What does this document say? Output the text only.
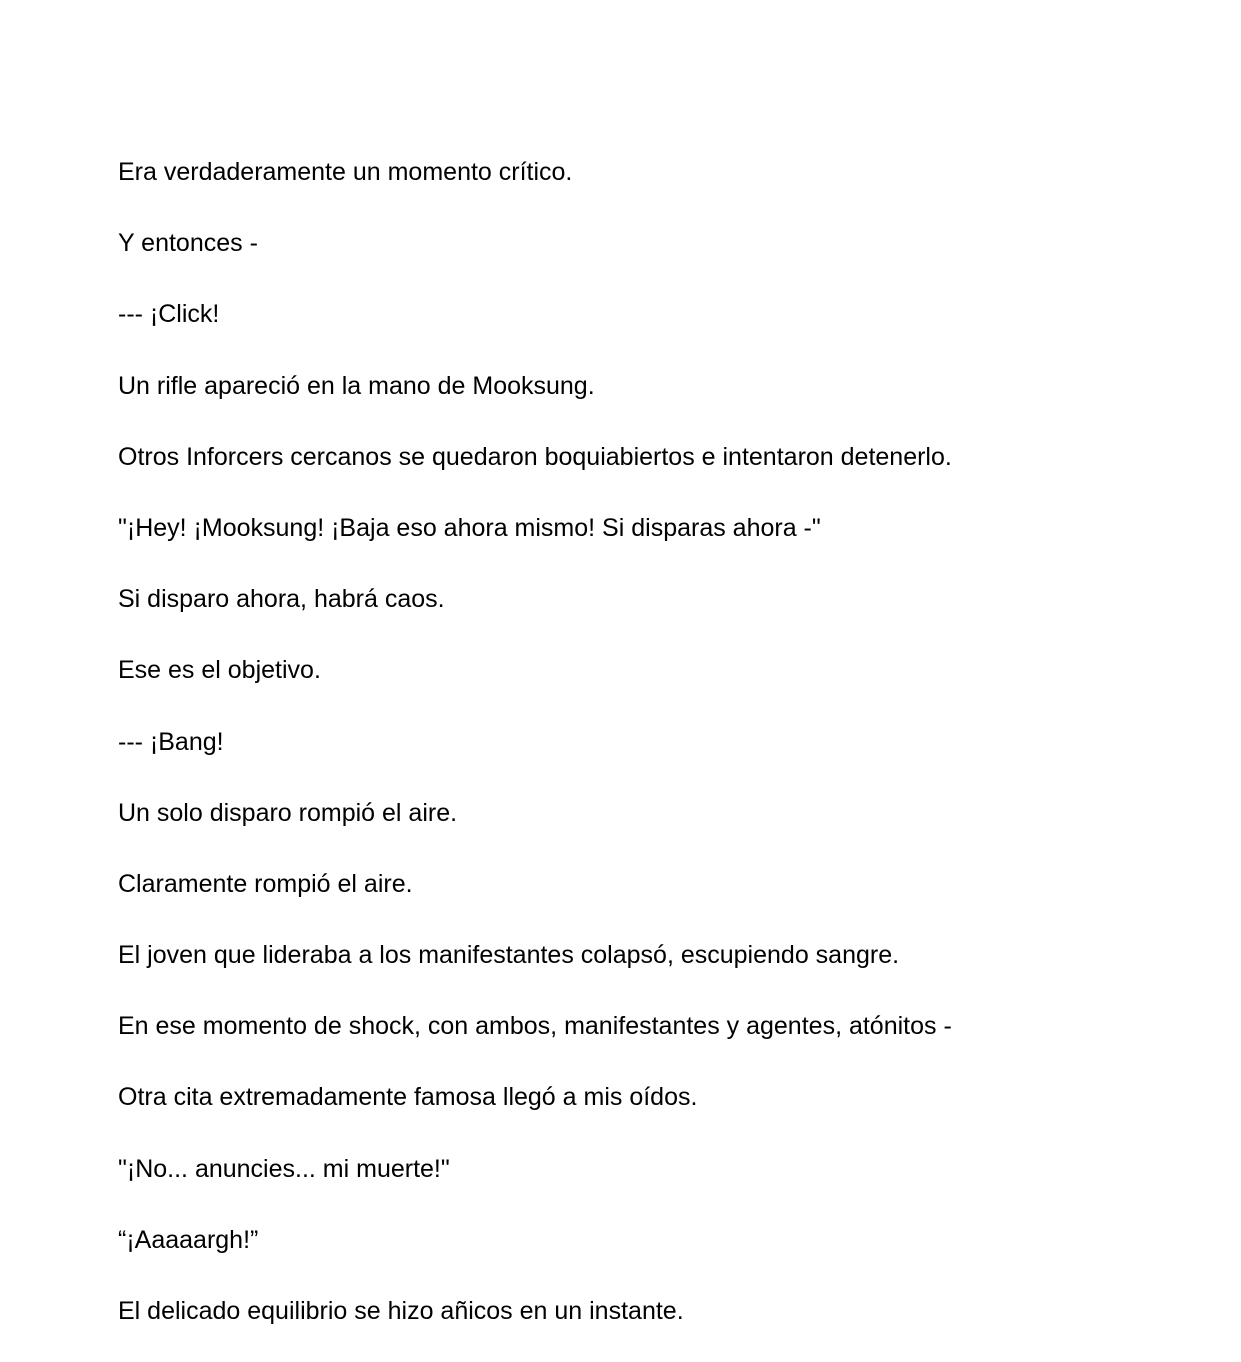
Era verdaderamente un momento crítico.

Y entonces -

--- ¡Click!

Un rifle apareció en la mano de Mooksung.

Otros Inforcers cercanos se quedaron boquiabiertos e intentaron detenerlo.

"¡Hey! ¡Mooksung! ¡Baja eso ahora mismo! Si disparas ahora -"

Si disparo ahora, habrá caos.

Ese es el objetivo.

--- ¡Bang!

Un solo disparo rompió el aire.

Claramente rompió el aire.

El joven que lideraba a los manifestantes colapsó, escupiendo sangre.

En ese momento de shock, con ambos, manifestantes y agentes, atónitos -

Otra cita extremadamente famosa llegó a mis oídos.

"¡No... anuncies... mi muerte!"

“¡Aaaaargh!”

El delicado equilibrio se hizo añicos en un instante.
